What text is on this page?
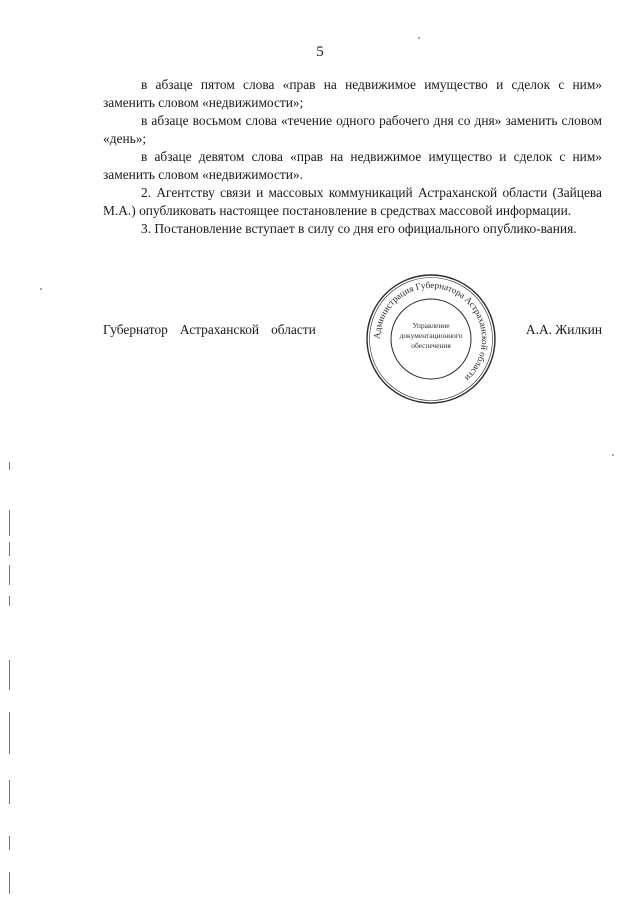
5

в абзаце пятом слова «прав на недвижимое имущество и сделок с ним» заменить словом «недвижимости»;

в абзаце восьмом слова «течение одного рабочего дня со дня» заменить словом «день»;

в абзаце девятом слова «прав на недвижимое имущество и сделок с ним» заменить словом «недвижимости».

2. Агентству связи и массовых коммуникаций Астраханской области (Зайцева М.А.) опубликовать настоящее постановление в средствах массовой информации.

3. Постановление вступает в силу со дня его официального опублико-вания.

Губернатор Астраханской области	А.А. Жилкин
Администрация Губернатора Астраханской области
Управление
документационного
обеспечения
